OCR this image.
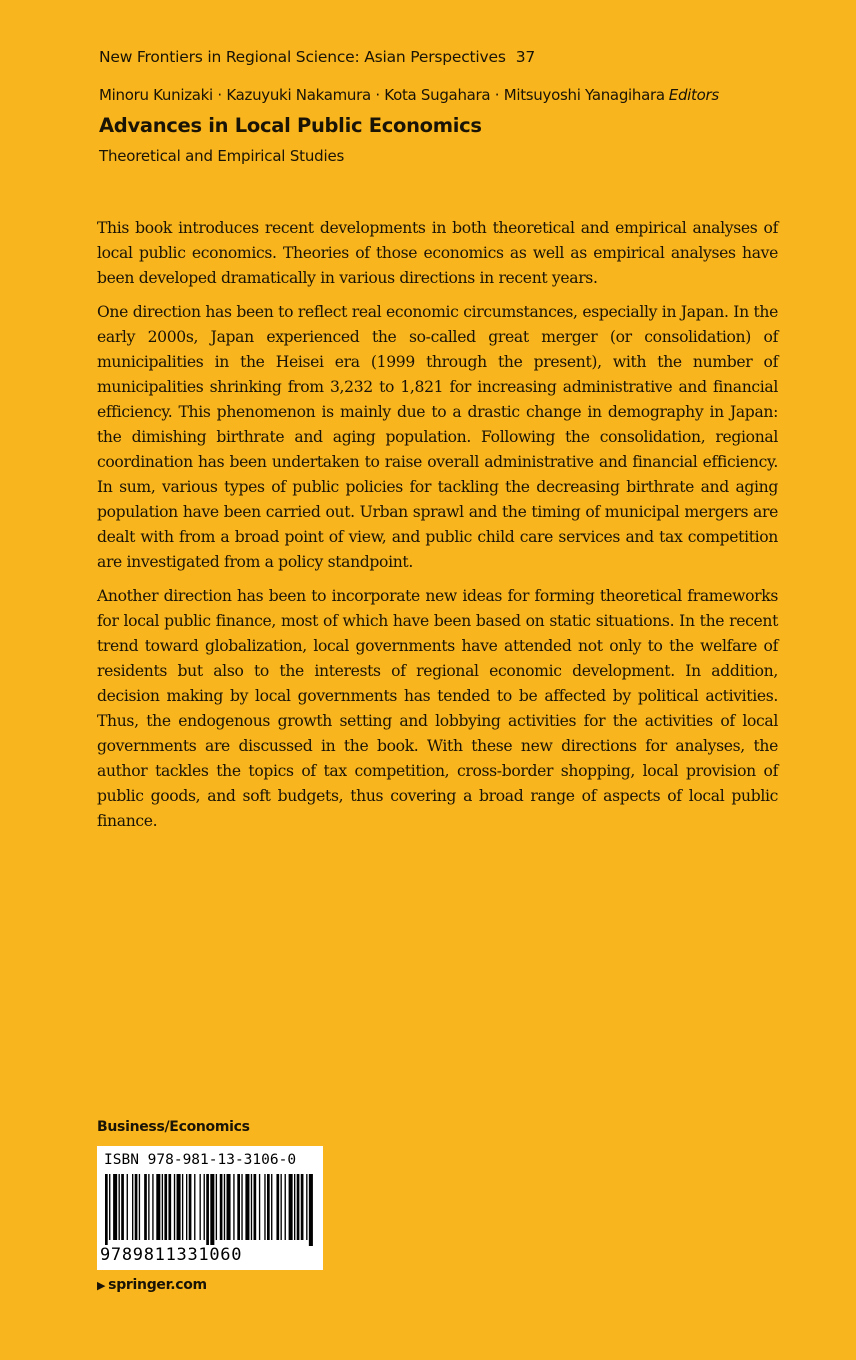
New Frontiers in Regional Science: Asian Perspectives 37
Minoru Kunizaki · Kazuyuki Nakamura · Kota Sugahara · Mitsuyoshi Yanagihara Editors
Advances in Local Public Economics
Theoretical and Empirical Studies

This book introduces recent developments in both theoretical and empirical analyses of local public economics. Theories of those economics as well as empirical analyses have been developed dramatically in various directions in recent years.

One direction has been to reflect real economic circumstances, especially in Japan. In the early 2000s, Japan experienced the so-called great merger (or consolidation) of municipalities in the Heisei era (1999 through the present), with the number of municipalities shrinking from 3,232 to 1,821 for increasing administrative and financial efficiency. This phenomenon is mainly due to a drastic change in demography in Japan: the dimishing birthrate and aging population. Following the consolidation, regional coordination has been undertaken to raise overall administrative and financial efficiency. In sum, various types of public policies for tackling the decreasing birthrate and aging population have been carried out. Urban sprawl and the timing of municipal mergers are dealt with from a broad point of view, and public child care services and tax competition are investigated from a policy standpoint.

Another direction has been to incorporate new ideas for forming theoretical frameworks for local public finance, most of which have been based on static situations. In the recent trend toward globalization, local governments have attended not only to the welfare of residents but also to the interests of regional economic development. In addition, decision making by local governments has tended to be affected by political activities. Thus, the endogenous growth setting and lobbying activities for the activities of local governments are discussed in the book. With these new directions for analyses, the author tackles the topics of tax competition, cross-border shopping, local provision of public goods, and soft budgets, thus covering a broad range of aspects of local public finance.

Business/Economics
ISBN 978-981-13-3106-0
9789811331060
▶ springer.com
